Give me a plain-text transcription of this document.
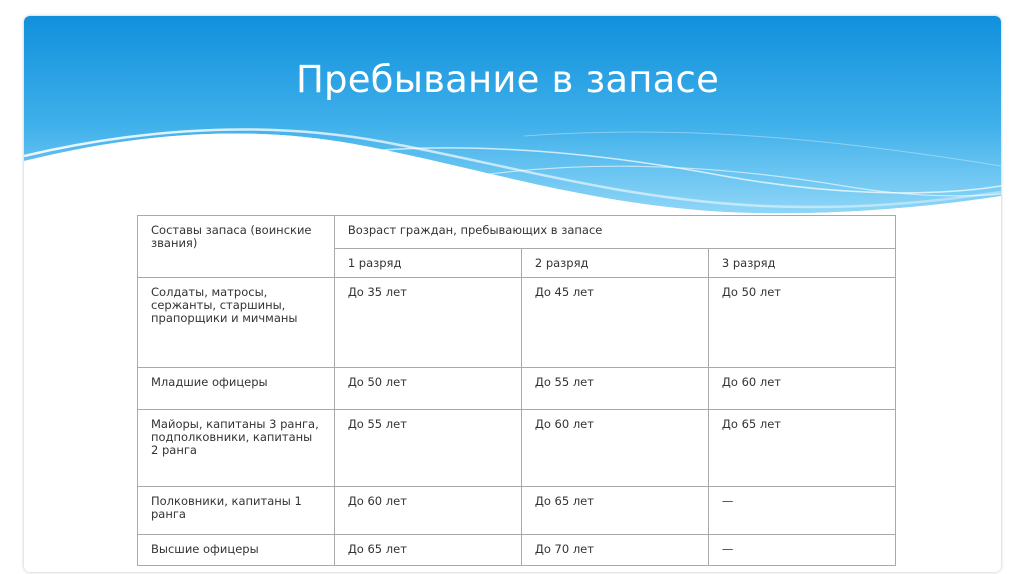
Пребывание в запасе
Составы запаса (воинские звания)	Возраст граждан, пребывающих в запасе		
	1 разряд	2 разряд	3 разряд
Солдаты, матросы, сержанты, старшины, прапорщики и мичманы	До 35 лет	До 45 лет	До 50 лет
Младшие офицеры	До 50 лет	До 55 лет	До 60 лет
Майоры, капитаны 3 ранга, подполковники, капитаны 2 ранга	До 55 лет	До 60 лет	До 65 лет
Полковники, капитаны 1 ранга	До 60 лет	До 65 лет	—
Высшие офицеры	До 65 лет	До 70 лет	—
